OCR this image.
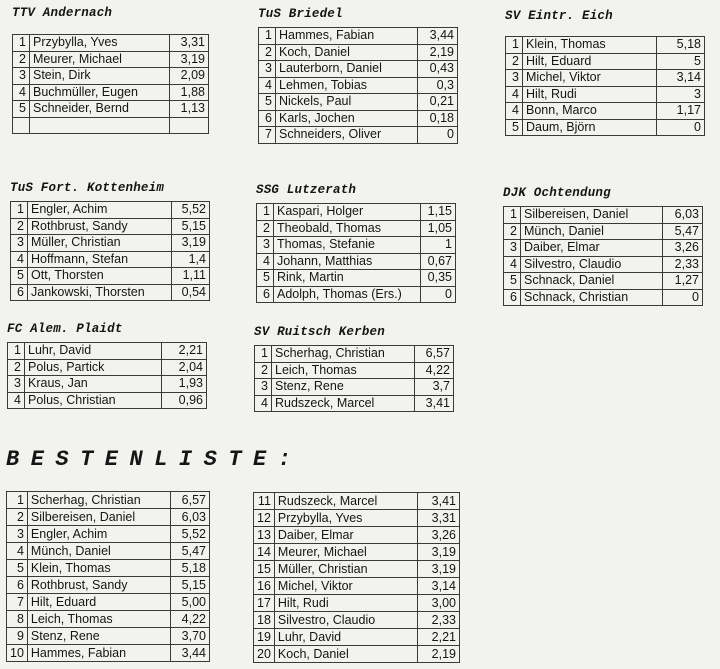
TTV Andernach
1	Przybylla, Yves	3,31
2	Meurer, Michael	3,19
3	Stein, Dirk	2,09
4	Buchmüller, Eugen	1,88
5	Schneider, Bernd	1,13

TuS Briedel
1	Hammes, Fabian	3,44
2	Koch, Daniel	2,19
3	Lauterborn, Daniel	0,43
4	Lehmen, Tobias	0,3
5	Nickels, Paul	0,21
6	Karls, Jochen	0,18
7	Schneiders, Oliver	0
SV Eintr. Eich
1	Klein, Thomas	5,18
2	Hilt, Eduard	5
3	Michel, Viktor	3,14
4	Hilt, Rudi	3
4	Bonn, Marco	1,17
5	Daum, Björn	0
TuS Fort. Kottenheim
1	Engler, Achim	5,52
2	Rothbrust, Sandy	5,15
3	Müller, Christian	3,19
4	Hoffmann, Stefan	1,4
5	Ott, Thorsten	1,11
6	Jankowski, Thorsten	0,54
SSG Lutzerath
1	Kaspari, Holger	1,15
2	Theobald, Thomas	1,05
3	Thomas, Stefanie	1
4	Johann, Matthias	0,67
5	Rink, Martin	0,35
6	Adolph, Thomas (Ers.)	0
DJK Ochtendung
1	Silbereisen, Daniel	6,03
2	Münch, Daniel	5,47
3	Daiber, Elmar	3,26
4	Silvestro, Claudio	2,33
5	Schnack, Daniel	1,27
6	Schnack, Christian	0
FC Alem. Plaidt
1	Luhr, David	2,21
2	Polus, Partick	2,04
3	Kraus, Jan	1,93
4	Polus, Christian	0,96
SV Ruitsch Kerben
1	Scherhag, Christian	6,57
2	Leich, Thomas	4,22
3	Stenz, Rene	3,7
4	Rudszeck, Marcel	3,41
BESTENLISTE:
1	Scherhag, Christian	6,57
2	Silbereisen, Daniel	6,03
3	Engler, Achim	5,52
4	Münch, Daniel	5,47
5	Klein, Thomas	5,18
6	Rothbrust, Sandy	5,15
7	Hilt, Eduard	5,00
8	Leich, Thomas	4,22
9	Stenz, Rene	3,70
10	Hammes, Fabian	3,44
11	Rudszeck, Marcel	3,41
12	Przybylla, Yves	3,31
13	Daiber, Elmar	3,26
14	Meurer, Michael	3,19
15	Müller, Christian	3,19
16	Michel, Viktor	3,14
17	Hilt, Rudi	3,00
18	Silvestro, Claudio	2,33
19	Luhr, David	2,21
20	Koch, Daniel	2,19
